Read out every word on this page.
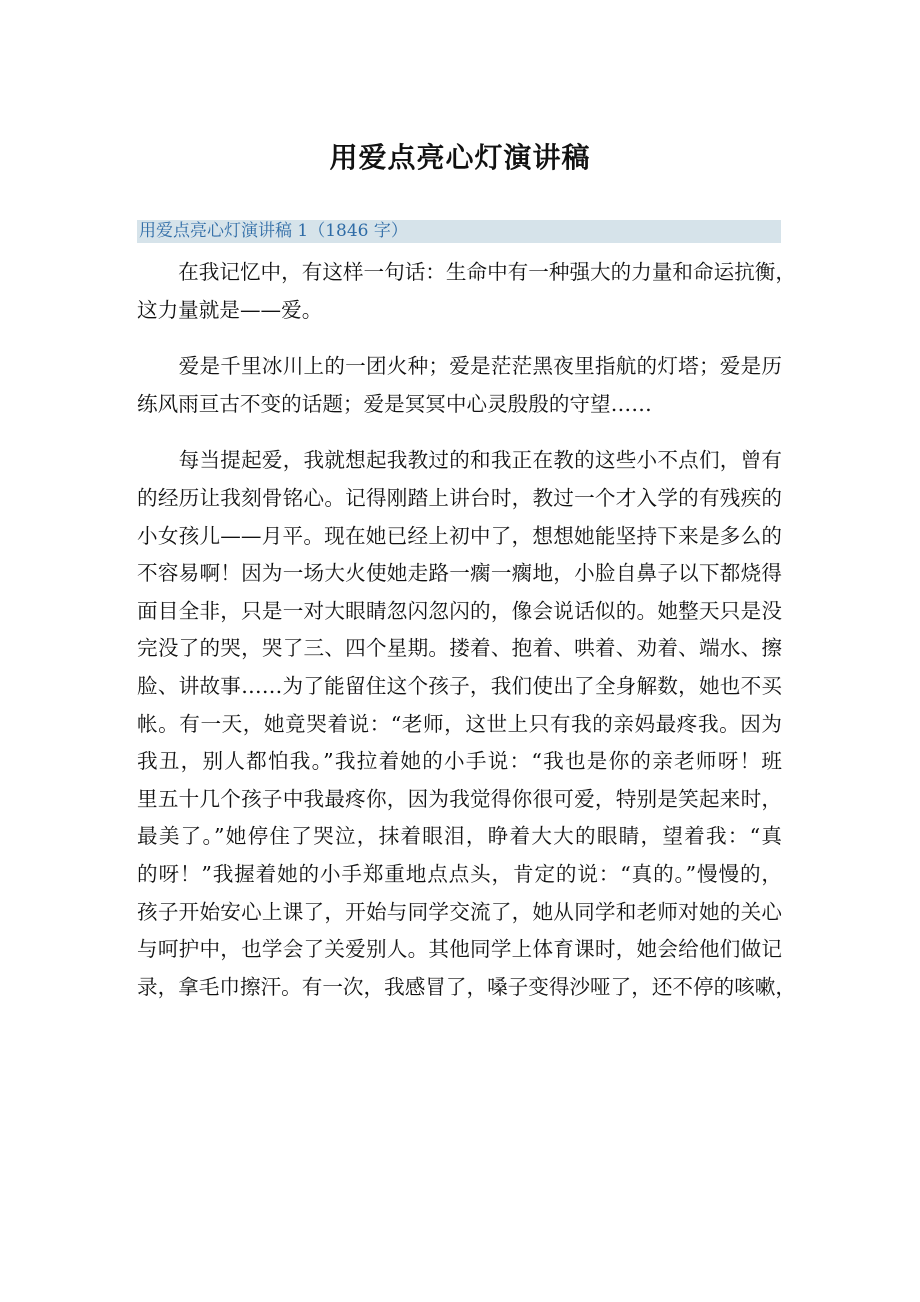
用爱点亮心灯演讲稿
用爱点亮心灯演讲稿 1（1846 字）
　　在我记忆中，有这样一句话：生命中有一种强大的力量和命运抗衡，
这力量就是——爱。
　　爱是千里冰川上的一团火种；爱是茫茫黑夜里指航的灯塔；爱是历
练风雨亘古不变的话题；爱是冥冥中心灵殷殷的守望……
　　每当提起爱，我就想起我教过的和我正在教的这些小不点们，曾有
的经历让我刻骨铭心。记得刚踏上讲台时，教过一个才入学的有残疾的
小女孩儿——月平。现在她已经上初中了，想想她能坚持下来是多么的
不容易啊！因为一场大火使她走路一瘸一瘸地，小脸自鼻子以下都烧得
面目全非，只是一对大眼睛忽闪忽闪的，像会说话似的。她整天只是没
完没了的哭，哭了三、四个星期。搂着、抱着、哄着、劝着、端水、擦
脸、讲故事……为了能留住这个孩子，我们使出了全身解数，她也不买
帐。有一天，她竟哭着说：“老师，这世上只有我的亲妈最疼我。因为
我丑，别人都怕我。”我拉着她的小手说：“我也是你的亲老师呀！班
里五十几个孩子中我最疼你，因为我觉得你很可爱，特别是笑起来时，
最美了。”她停住了哭泣，抹着眼泪，睁着大大的眼睛，望着我：“真
的呀！”我握着她的小手郑重地点点头，肯定的说：“真的。”慢慢的，
孩子开始安心上课了，开始与同学交流了，她从同学和老师对她的关心
与呵护中，也学会了关爱别人。其他同学上体育课时，她会给他们做记
录，拿毛巾擦汗。有一次，我感冒了，嗓子变得沙哑了，还不停的咳嗽，
